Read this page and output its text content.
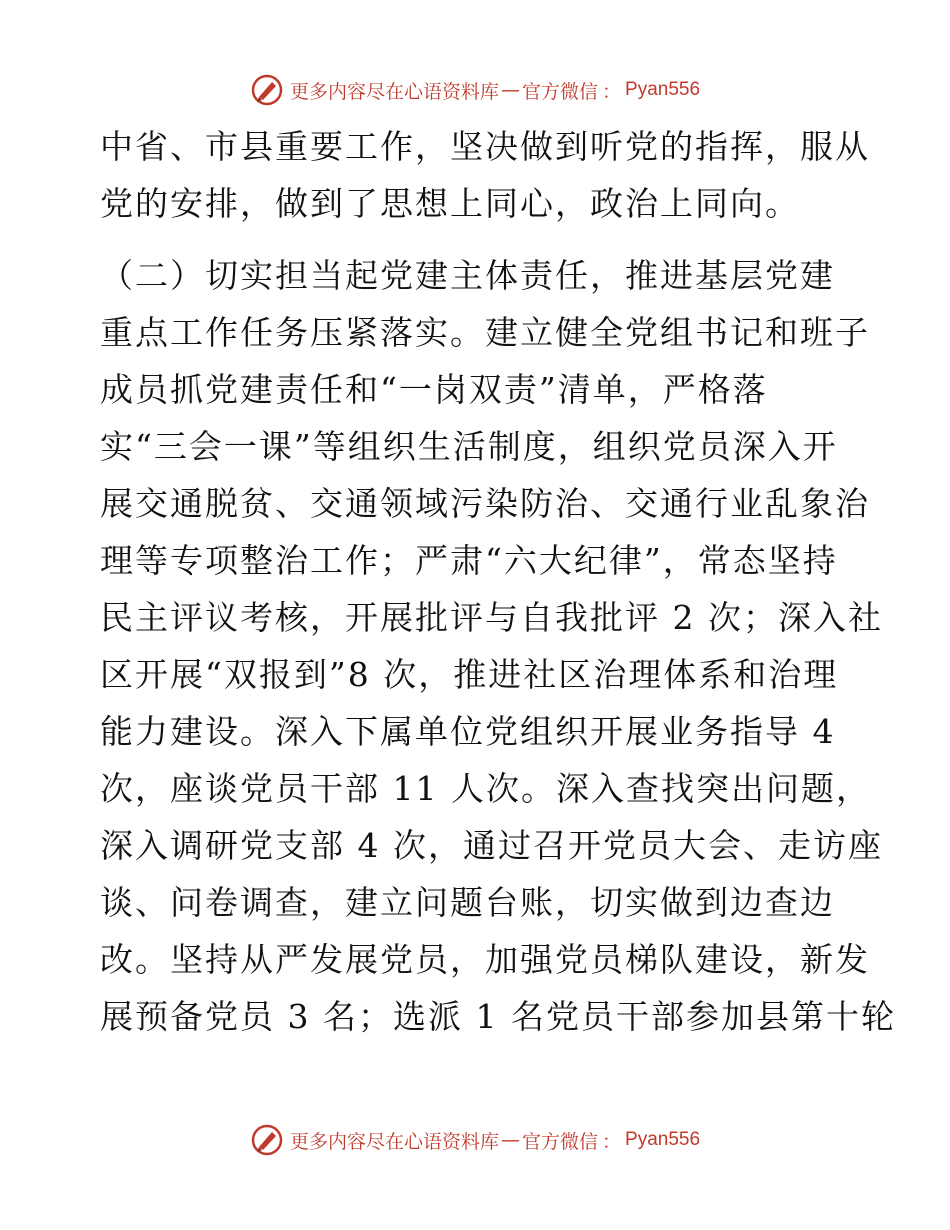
更多内容尽在心语资料库 — 官方微信 ： Pyan556
中省、市县重要工作，坚决做到听党的指挥，服从
党的安排，做到了思想上同心，政治上同向。
（二）切实担当起党建主体责任，推进基层党建
重点工作任务压紧落实。建立健全党组书记和班子
成员抓党建责任和“一岗双责”清单，严格落
实“三会一课”等组织生活制度，组织党员深入开
展交通脱贫、交通领域污染防治、交通行业乱象治
理等专项整治工作；严肃“六大纪律”，常态坚持
民主评议考核，开展批评与自我批评 2 次；深入社
区开展“双报到”8 次，推进社区治理体系和治理
能力建设。深入下属单位党组织开展业务指导 4
次，座谈党员干部 11 人次。深入查找突出问题，
深入调研党支部 4 次，通过召开党员大会、走访座
谈、问卷调查，建立问题台账，切实做到边查边
改。坚持从严发展党员，加强党员梯队建设，新发
展预备党员 3 名；选派 1 名党员干部参加县第十轮
更多内容尽在心语资料库 — 官方微信 ： Pyan556
